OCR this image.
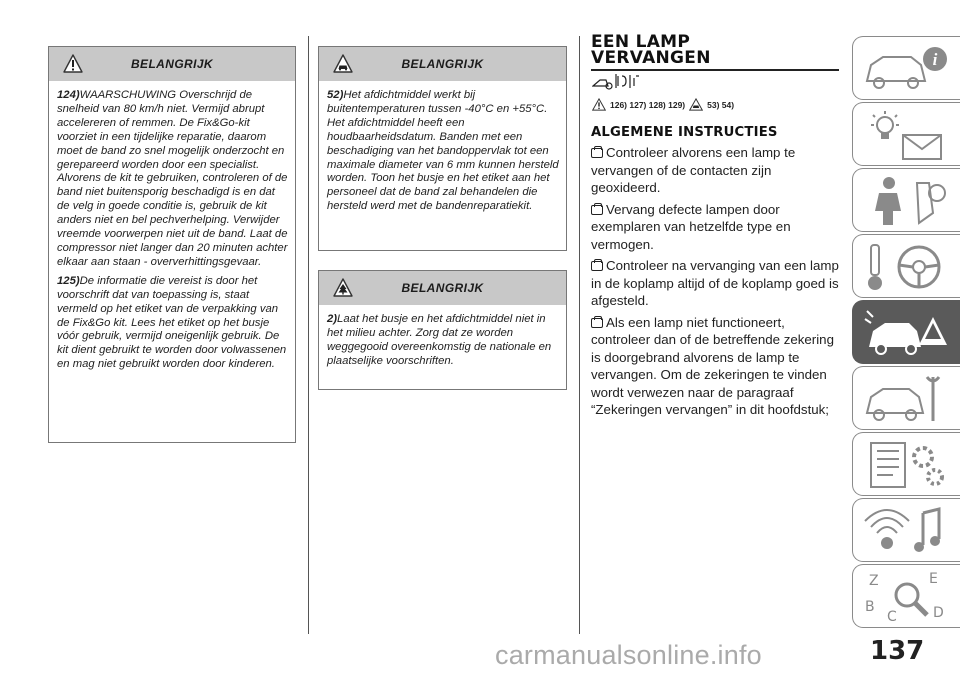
BELANGRIJK

124)WAARSCHUWING Overschrijd de snelheid van 80 km/h niet. Vermijd abrupt accelereren of remmen. De Fix&Go-kit voorziet in een tijdelijke reparatie, daarom moet de band zo snel mogelijk onderzocht en gerepareerd worden door een specialist. Alvorens de kit te gebruiken, controleren of de band niet buitensporig beschadigd is en dat de velg in goede conditie is, gebruik de kit anders niet en bel pechverhelping. Verwijder vreemde voorwerpen niet uit de band. Laat de compressor niet langer dan 20 minuten achter elkaar aan staan - oververhittingsgevaar.

125)De informatie die vereist is door het voorschrift dat van toepassing is, staat vermeld op het etiket van de verpakking van de Fix&Go kit. Lees het etiket op het busje vóór gebruik, vermijd oneigenlijk gebruik. De kit dient gebruikt te worden door volwassenen en mag niet gebruikt worden door kinderen.

BELANGRIJK

52)Het afdichtmiddel werkt bij buitentemperaturen tussen -40°C en +55°C. Het afdichtmiddel heeft een houdbaarheidsdatum. Banden met een beschadiging van het bandoppervlak tot een maximale diameter van 6 mm kunnen hersteld worden. Toon het busje en het etiket aan het personeel dat de band zal behandelen die hersteld werd met de bandenreparatiekit.

BELANGRIJK

2)Laat het busje en het afdichtmiddel niet in het milieu achter. Zorg dat ze worden weggegooid overeenkomstig de nationale en plaatselijke voorschriften.

EEN LAMP
VERVANGEN
126) 127) 128) 129)	53) 54)
ALGEMENE INSTRUCTIES
Controleer alvorens een lamp te vervangen of de contacten zijn geoxideerd.
Vervang defecte lampen door exemplaren van hetzelfde type en vermogen.
Controleer na vervanging van een lamp in de koplamp altijd of de koplamp goed is afgesteld.
Als een lamp niet functioneert, controleer dan of de betreffende zekering is doorgebrand alvorens de lamp te vervangen. Om de zekeringen te vinden wordt verwezen naar de paragraaf “Zekeringen vervangen” in dit hoofdstuk;
i
Z	E
B
C	D
137
carmanualsonline.info
